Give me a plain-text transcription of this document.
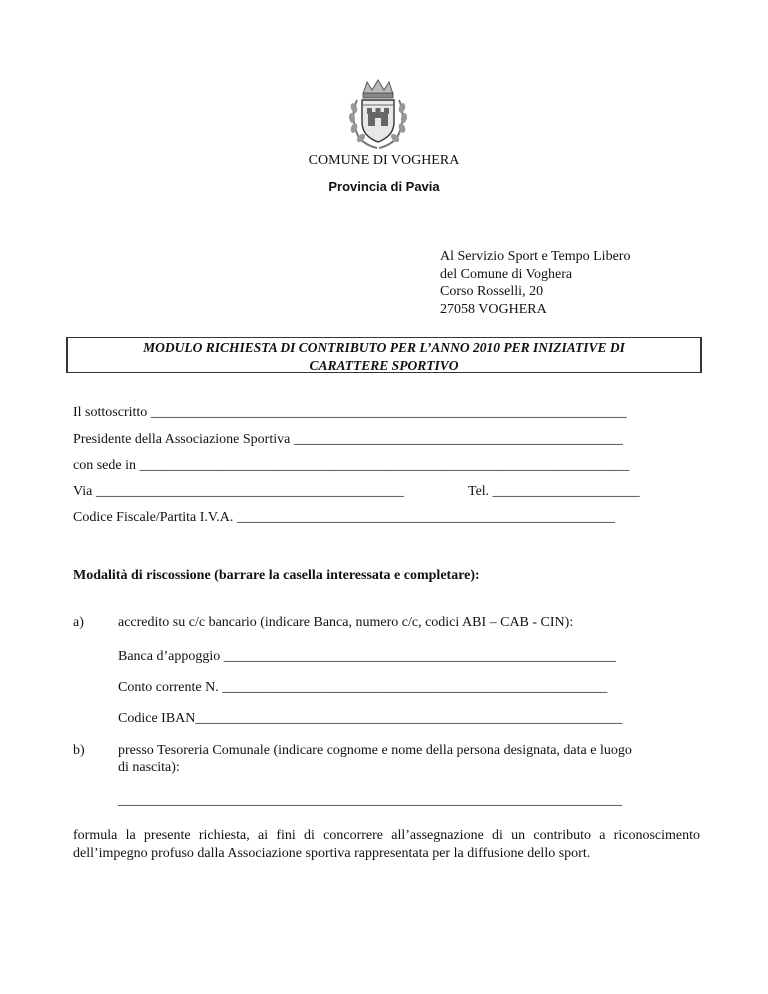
COMUNE DI VOGHERA
Provincia di Pavia
Al Servizio Sport e Tempo Libero
del Comune di Voghera
Corso Rosselli, 20
27058 VOGHERA
MODULO RICHIESTA DI CONTRIBUTO PER L’ANNO 2010 PER INIZIATIVE DI
CARATTERE SPORTIVO
Il sottoscritto ____________________________________________________________________
Presidente della Associazione Sportiva _______________________________________________
con sede in ______________________________________________________________________
Via ____________________________________________	Tel. _____________________
Codice Fiscale/Partita I.V.A. ______________________________________________________
Modalità di riscossione (barrare la casella interessata e completare):
a) accredito su c/c bancario (indicare Banca, numero c/c, codici ABI – CAB - CIN):
Banca d’appoggio ________________________________________________________
Conto corrente N. _______________________________________________________
Codice IBAN_____________________________________________________________
b) presso Tesoreria Comunale (indicare cognome e nome della persona designata, data e luogo
di nascita):
________________________________________________________________________
formula la presente richiesta, ai fini di concorrere all’assegnazione di un contributo a riconoscimento dell’impegno profuso dalla Associazione sportiva rappresentata per la diffusione dello sport.
